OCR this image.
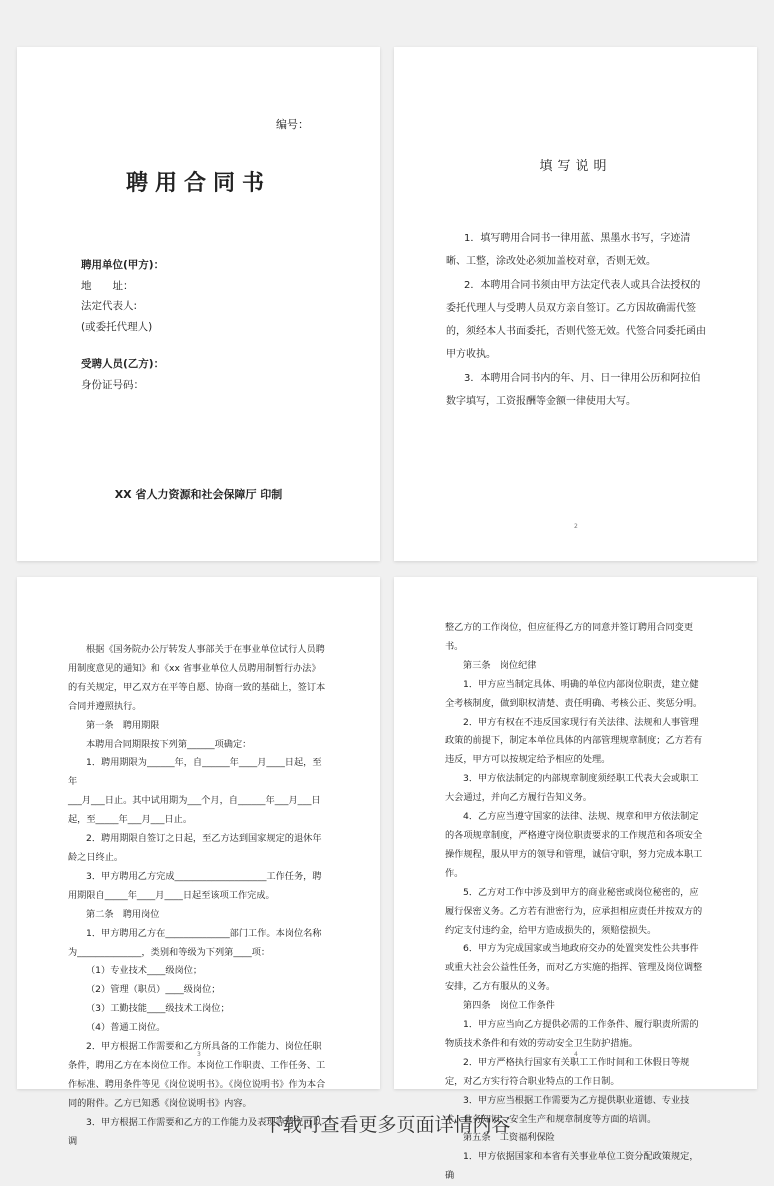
编号：
聘用合同书
聘用单位(甲方)：
地　　址：
法定代表人:
(或委托代理人)
受聘人员(乙方)：
身份证号码：
XX 省人力资源和社会保障厅 印制
填写说明

1．填写聘用合同书一律用蓝、黑墨水书写，字迹清晰、工整，涂改处必须加盖校对章，否则无效。

2．本聘用合同书须由甲方法定代表人或具合法授权的委托代理人与受聘人员双方亲自签订。乙方因故确需代签的，须经本人书面委托，否则代签无效。代签合同委托函由甲方收执。

3．本聘用合同书内的年、月、日一律用公历和阿拉伯数字填写，工资报酬等金额一律使用大写。

2

根据《国务院办公厅转发人事部关于在事业单位试行人员聘用制度意见的通知》和《xx 省事业单位人员聘用制暂行办法》的有关规定，甲乙双方在平等自愿、协商一致的基础上，签订本合同并遵照执行。

第一条　聘用期限

本聘用合同期限按下列第______项确定：

1．聘用期限为______年，自______年____月____日起，至年

___月___日止。其中试用期为___个月，自______年___月___日起，至_____年___月___日止。

2．聘用期限自签订之日起，至乙方达到国家规定的退休年龄之日终止。

3．甲方聘用乙方完成____________________工作任务，聘用期限自_____年____月____日起至该项工作完成。

第二条　聘用岗位

1．甲方聘用乙方在______________部门工作。本岗位名称为______________，类别和等级为下列第____项：

（1）专业技术____级岗位；

（2）管理（职员）____级岗位；

（3）工勤技能____级技术工岗位；

（4）普通工岗位。

2．甲方根据工作需要和乙方所具备的工作能力、岗位任职条件，聘用乙方在本岗位工作。本岗位工作职责、工作任务、工作标准、聘用条件等见《岗位说明书》。《岗位说明书》作为本合同的附件。乙方已知悉《岗位说明书》内容。

3．甲方根据工作需要和乙方的工作能力及表现等情况可以调

3

整乙方的工作岗位，但应征得乙方的同意并签订聘用合同变更书。

第三条　岗位纪律

1．甲方应当制定具体、明确的单位内部岗位职责，建立健全考核制度，做到职权清楚、责任明确、考核公正、奖惩分明。

2．甲方有权在不违反国家现行有关法律、法规和人事管理政策的前提下，制定本单位具体的内部管理规章制度；乙方若有违反，甲方可以按规定给予相应的处理。

3．甲方依法制定的内部规章制度须经职工代表大会或职工大会通过，并向乙方履行告知义务。

4．乙方应当遵守国家的法律、法规、规章和甲方依法制定的各项规章制度，严格遵守岗位职责要求的工作规范和各项安全操作规程，服从甲方的领导和管理，诚信守职，努力完成本职工作。

5．乙方对工作中涉及到甲方的商业秘密或岗位秘密的，应履行保密义务。乙方若有泄密行为，应承担相应责任并按双方的约定支付违约金，给甲方造成损失的，须赔偿损失。

6．甲方为完成国家或当地政府交办的处置突发性公共事件或重大社会公益性任务，而对乙方实施的指挥、管理及岗位调整安排，乙方有服从的义务。

第四条　岗位工作条件

1．甲方应当向乙方提供必需的工作条件、履行职责所需的物质技术条件和有效的劳动安全卫生防护措施。

2．甲方严格执行国家有关职工工作时间和工休假日等规定，对乙方实行符合职业特点的工作日制。

3．甲方应当根据工作需要为乙方提供职业道德、专业技术、业务知识、安全生产和规章制度等方面的培训。

第五条　工资福利保险

1．甲方依据国家和本省有关事业单位工资分配政策规定，确

4
下载可查看更多页面详情内容
